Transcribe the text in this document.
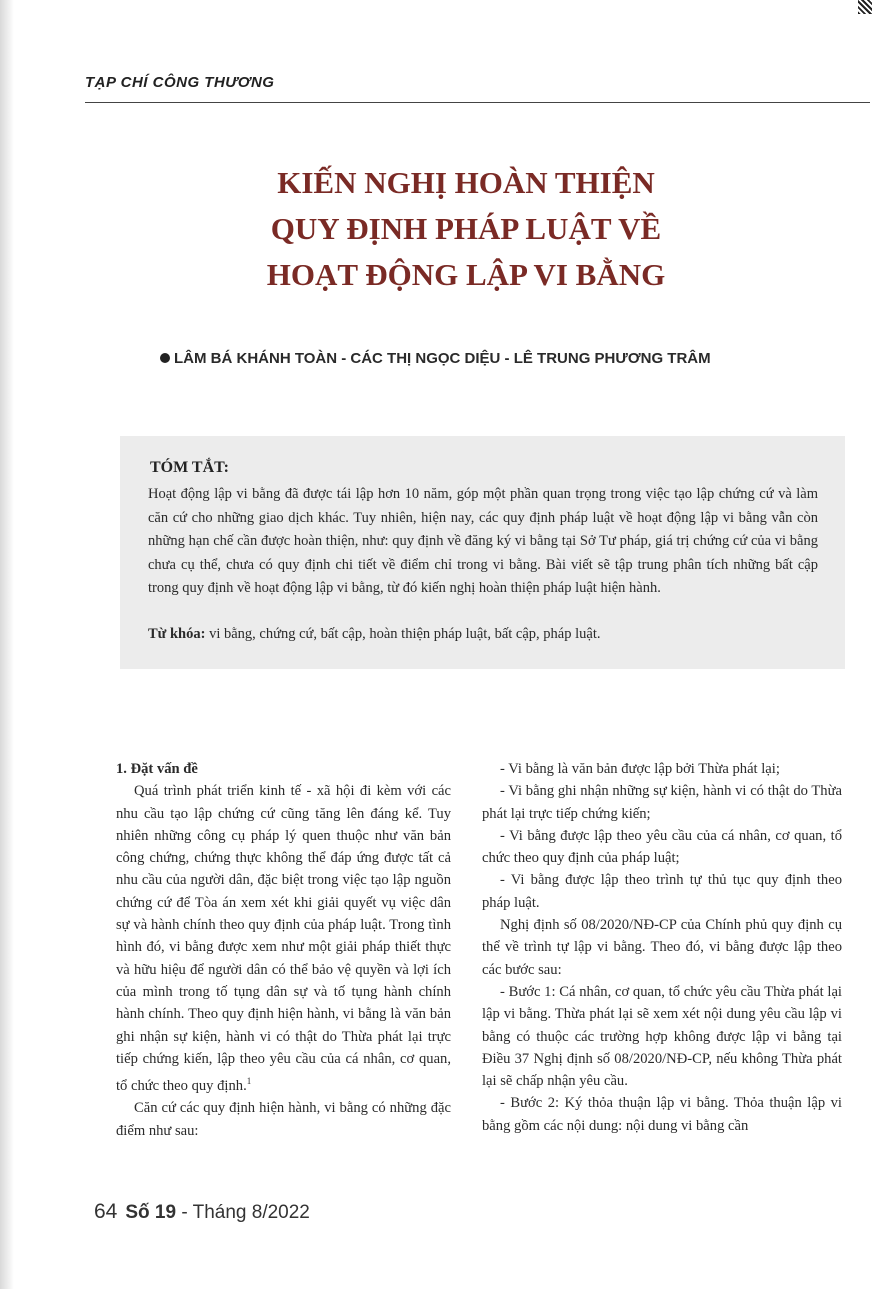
TẠP CHÍ CÔNG THƯƠNG
KIẾN NGHỊ HOÀN THIỆN
QUY ĐỊNH PHÁP LUẬT VỀ
HOẠT ĐỘNG LẬP VI BẰNG
LÂM BÁ KHÁNH TOÀN - CÁC THỊ NGỌC DIỆU - LÊ TRUNG PHƯƠNG TRÂM
TÓM TẮT:

Hoạt động lập vi bằng đã được tái lập hơn 10 năm, góp một phần quan trọng trong việc tạo lập chứng cứ và làm căn cứ cho những giao dịch khác. Tuy nhiên, hiện nay, các quy định pháp luật về hoạt động lập vi bằng vẫn còn những hạn chế cần được hoàn thiện, như: quy định về đăng ký vi bằng tại Sở Tư pháp, giá trị chứng cứ của vi bằng chưa cụ thể, chưa có quy định chi tiết về điểm chỉ trong vi bằng. Bài viết sẽ tập trung phân tích những bất cập trong quy định về hoạt động lập vi bằng, từ đó kiến nghị hoàn thiện pháp luật hiện hành.

Từ khóa: vi bằng, chứng cứ, bất cập, hoàn thiện pháp luật, bất cập, pháp luật.

1. Đặt vấn đề

Quá trình phát triển kinh tế - xã hội đi kèm với các nhu cầu tạo lập chứng cứ cũng tăng lên đáng kể. Tuy nhiên những công cụ pháp lý quen thuộc như văn bản công chứng, chứng thực không thể đáp ứng được tất cả nhu cầu của người dân, đặc biệt trong việc tạo lập nguồn chứng cứ để Tòa án xem xét khi giải quyết vụ việc dân sự và hành chính theo quy định của pháp luật. Trong tình hình đó, vi bằng được xem như một giải pháp thiết thực và hữu hiệu để người dân có thể bảo vệ quyền và lợi ích của mình trong tố tụng dân sự và tố tụng hành chính hành chính. Theo quy định hiện hành, vi bằng là văn bản ghi nhận sự kiện, hành vi có thật do Thừa phát lại trực tiếp chứng kiến, lập theo yêu cầu của cá nhân, cơ quan, tổ chức theo quy định.$^1$

Căn cứ các quy định hiện hành, vi bằng có những đặc điểm như sau:

- Vi bằng là văn bản được lập bởi Thừa phát lại;

- Vi bằng ghi nhận những sự kiện, hành vi có thật do Thừa phát lại trực tiếp chứng kiến;

- Vi bằng được lập theo yêu cầu của cá nhân, cơ quan, tổ chức theo quy định của pháp luật;

- Vi bằng được lập theo trình tự thủ tục quy định theo pháp luật.

Nghị định số 08/2020/NĐ-CP của Chính phủ quy định cụ thể về trình tự lập vi bằng. Theo đó, vi bằng được lập theo các bước sau:

- Bước 1: Cá nhân, cơ quan, tổ chức yêu cầu Thừa phát lại lập vi bằng. Thừa phát lại sẽ xem xét nội dung yêu cầu lập vi bằng có thuộc các trường hợp không được lập vi bằng tại Điều 37 Nghị định số 08/2020/NĐ-CP, nếu không Thừa phát lại sẽ chấp nhận yêu cầu.

- Bước 2: Ký thỏa thuận lập vi bằng. Thỏa thuận lập vi bằng gồm các nội dung: nội dung vi bằng cần

64 Số 19 - Tháng 8/2022
